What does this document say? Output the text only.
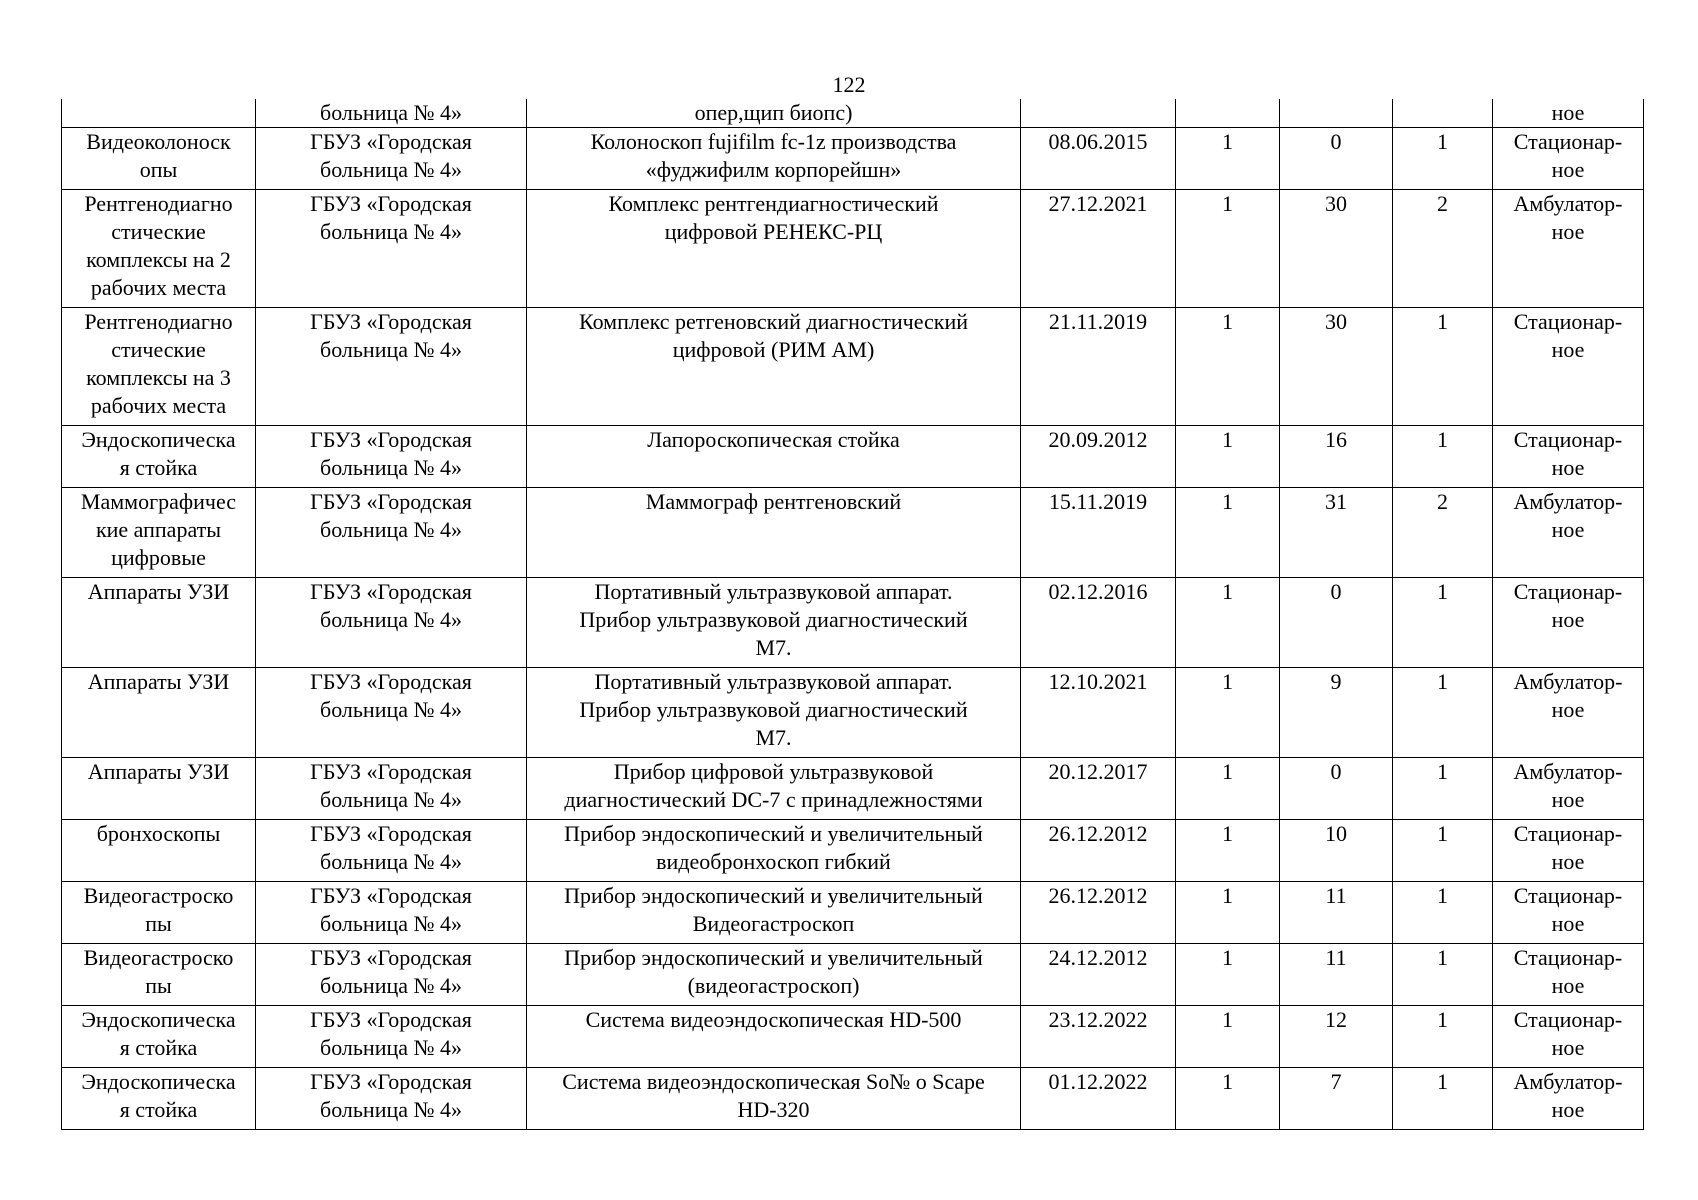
122
	больница № 4»	опер,щип биопс)					ное
Видеоколоноск
опы	ГБУЗ «Городская
больница № 4»	Колоноскоп fujifilm fc-1z производства
«фуджифилм корпорейшн»	08.06.2015	1	0	1	Стационар-
ное
Рентгенодиагно
стические
комплексы на 2
рабочих места	ГБУЗ «Городская
больница № 4»	Комплекс рентгендиагностический
цифровой РЕНЕКС-РЦ	27.12.2021	1	30	2	Амбулатор-
ное
Рентгенодиагно
стические
комплексы на 3
рабочих места	ГБУЗ «Городская
больница № 4»	Комплекс ретгеновский диагностический
цифровой (РИМ АМ)	21.11.2019	1	30	1	Стационар-
ное
Эндоскопическа
я стойка	ГБУЗ «Городская
больница № 4»	Лапороскопическая стойка	20.09.2012	1	16	1	Стационар-
ное
Маммографичес
кие аппараты
цифровые	ГБУЗ «Городская
больница № 4»	Маммограф рентгеновский	15.11.2019	1	31	2	Амбулатор-
ное
Аппараты УЗИ	ГБУЗ «Городская
больница № 4»	Портативный ультразвуковой аппарат.
Прибор ультразвуковой диагностический
М7.	02.12.2016	1	0	1	Стационар-
ное
Аппараты УЗИ	ГБУЗ «Городская
больница № 4»	Портативный ультразвуковой аппарат.
Прибор ультразвуковой диагностический
М7.	12.10.2021	1	9	1	Амбулатор-
ное
Аппараты УЗИ	ГБУЗ «Городская
больница № 4»	Прибор цифровой ультразвуковой
диагностический DC-7 с принадлежностями	20.12.2017	1	0	1	Амбулатор-
ное
бронхоскопы	ГБУЗ «Городская
больница № 4»	Прибор эндоскопический и увеличительный
видеобронхоскоп гибкий	26.12.2012	1	10	1	Стационар-
ное
Видеогастроско
пы	ГБУЗ «Городская
больница № 4»	Прибор эндоскопический и увеличительный
Видеогастроскоп	26.12.2012	1	11	1	Стационар-
ное
Видеогастроско
пы	ГБУЗ «Городская
больница № 4»	Прибор эндоскопический и увеличительный
(видеогастроскоп)	24.12.2012	1	11	1	Стационар-
ное
Эндоскопическа
я стойка	ГБУЗ «Городская
больница № 4»	Система видеоэндоскопическая HD-500	23.12.2022	1	12	1	Стационар-
ное
Эндоскопическа
я стойка	ГБУЗ «Городская
больница № 4»	Система видеоэндоскопическая So№ o Scape
HD-320	01.12.2022	1	7	1	Амбулатор-
ное
